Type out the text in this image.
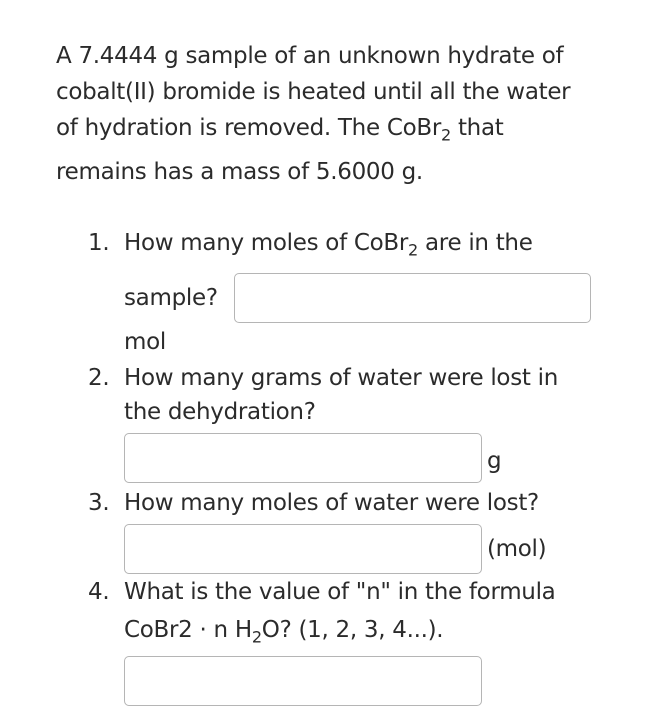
A 7.4444 g sample of an unknown hydrate of
cobalt(II) bromide is heated until all the water
of hydration is removed. The CoBr$_2$ that
remains has a mass of 5.6000 g.
1. How many moles of CoBr$_2$ are in the
sample?
mol
2. How many grams of water were lost in
the dehydration?
g
3. How many moles of water were lost?
(mol)
4. What is the value of "n" in the formula
CoBr2 · n $H_2O$? (1, 2, 3, 4...).
